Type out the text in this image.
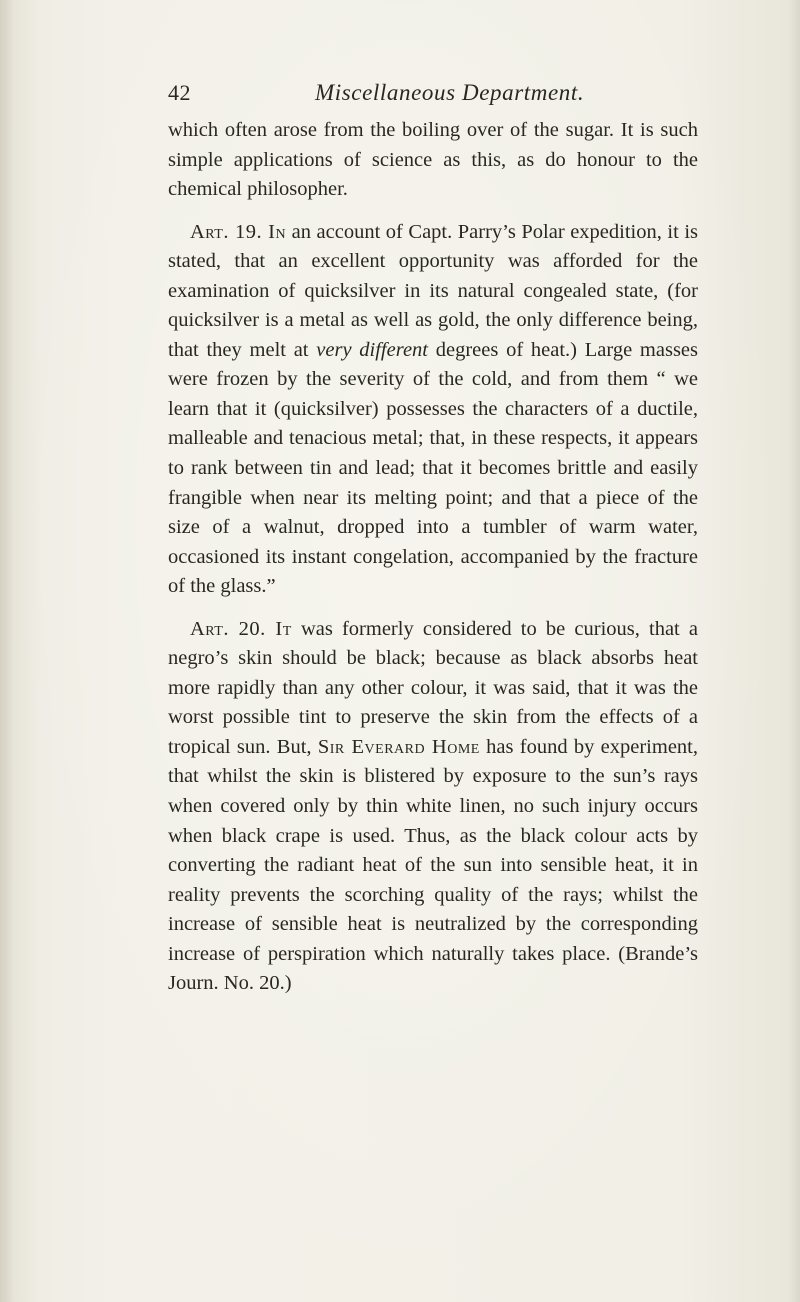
42	Miscellaneous Department.

which often arose from the boiling over of the sugar. It is such simple applications of science as this, as do honour to the chemical philosopher.

Art. 19. In an account of Capt. Parry’s Polar expedition, it is stated, that an excellent opportunity was afforded for the examination of quicksilver in its natural congealed state, (for quicksilver is a metal as well as gold, the only difference being, that they melt at very different degrees of heat.) Large masses were frozen by the severity of the cold, and from them “ we learn that it (quicksilver) possesses the characters of a ductile, malleable and tenacious metal; that, in these respects, it appears to rank between tin and lead; that it becomes brittle and easily frangible when near its melting point; and that a piece of the size of a walnut, dropped into a tumbler of warm water, occasioned its instant congelation, accompanied by the fracture of the glass.”

Art. 20. It was formerly considered to be curious, that a negro’s skin should be black; because as black absorbs heat more rapidly than any other colour, it was said, that it was the worst possible tint to preserve the skin from the effects of a tropical sun. But, Sir Everard Home has found by experiment, that whilst the skin is blistered by exposure to the sun’s rays when covered only by thin white linen, no such injury occurs when black crape is used. Thus, as the black colour acts by converting the radiant heat of the sun into sensible heat, it in reality prevents the scorching quality of the rays; whilst the increase of sensible heat is neutralized by the corresponding increase of perspiration which naturally takes place. (Brande’s Journ. No. 20.)
